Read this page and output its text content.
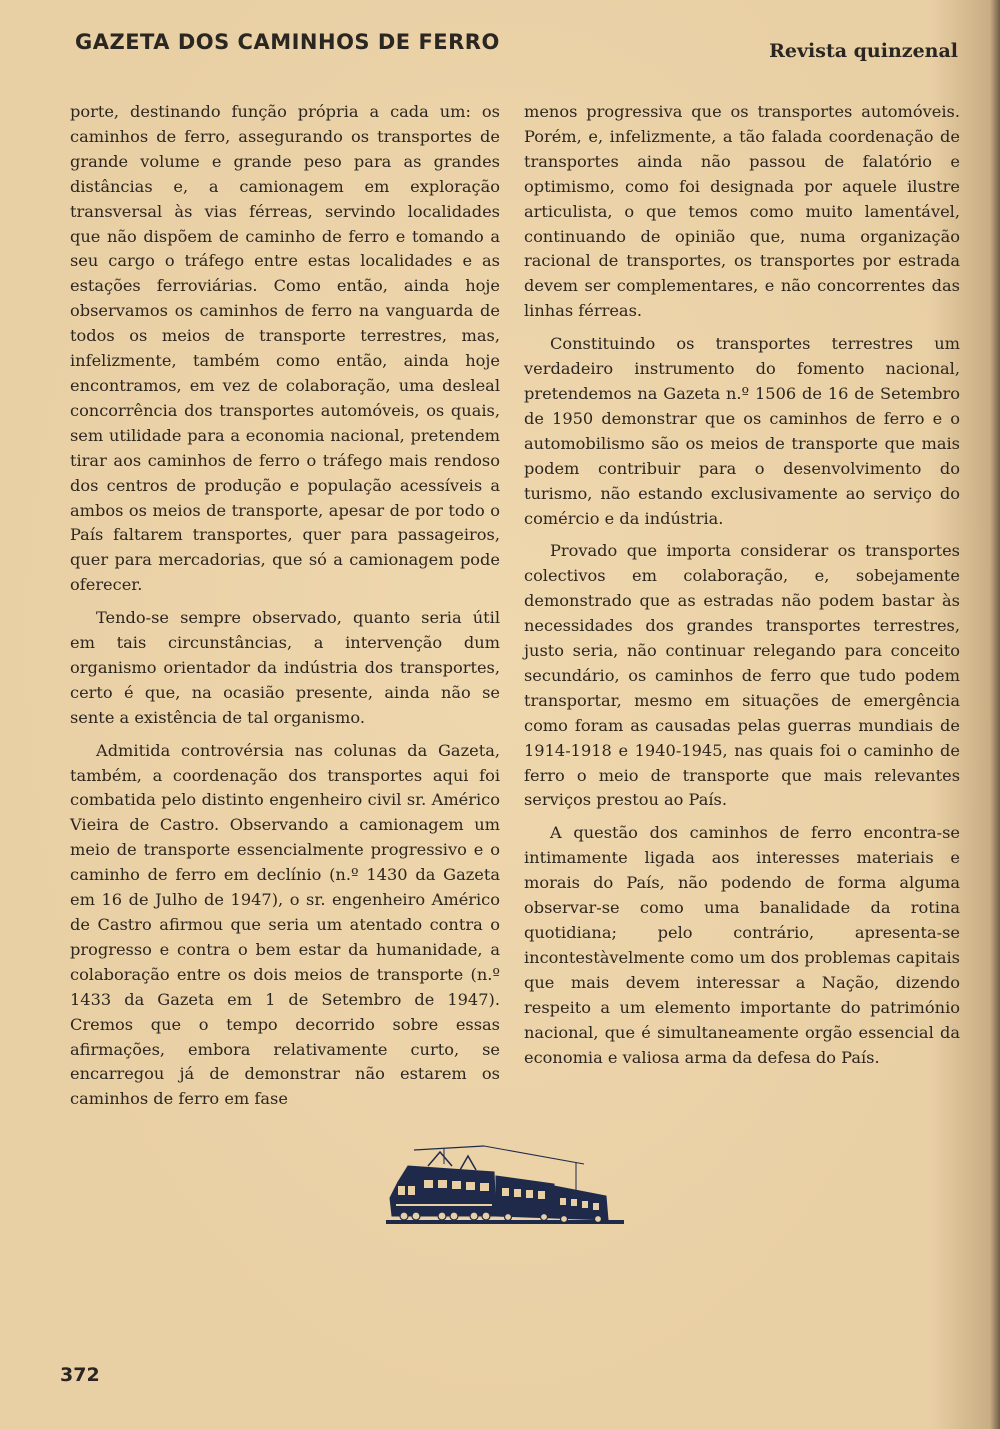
GAZETA DOS CAMINHOS DE FERRO	Revista quinzenal

porte, destinando função própria a cada um: os caminhos de ferro, assegurando os transportes de grande volume e grande peso para as grandes distâncias e, a camionagem em exploração transversal às vias férreas, servindo localidades que não dispõem de caminho de ferro e tomando a seu cargo o tráfego entre estas localidades e as estações ferroviárias. Como então, ainda hoje observamos os caminhos de ferro na vanguarda de todos os meios de transporte terrestres, mas, infelizmente, também como então, ainda hoje encontramos, em vez de colaboração, uma desleal concorrência dos transportes automóveis, os quais, sem utilidade para a economia nacional, pretendem tirar aos caminhos de ferro o tráfego mais rendoso dos centros de produção e população acessíveis a ambos os meios de transporte, apesar de por todo o País faltarem transportes, quer para passageiros, quer para mercadorias, que só a camionagem pode oferecer.

Tendo-se sempre observado, quanto seria útil em tais circunstâncias, a intervenção dum organismo orientador da indústria dos transportes, certo é que, na ocasião presente, ainda não se sente a existência de tal organismo.

Admitida controvérsia nas colunas da Gazeta, também, a coordenação dos transportes aqui foi combatida pelo distinto engenheiro civil sr. Américo Vieira de Castro. Observando a camionagem um meio de transporte essencialmente progressivo e o caminho de ferro em declínio (n.º 1430 da Gazeta em 16 de Julho de 1947), o sr. engenheiro Américo de Castro afirmou que seria um atentado contra o progresso e contra o bem estar da humanidade, a colaboração entre os dois meios de transporte (n.º 1433 da Gazeta em 1 de Setembro de 1947). Cremos que o tempo decorrido sobre essas afirmações, embora relativamente curto, se encarregou já de demonstrar não estarem os caminhos de ferro em fase

menos progressiva que os transportes automóveis. Porém, e, infelizmente, a tão falada coordenação de transportes ainda não passou de falatório e optimismo, como foi designada por aquele ilustre articulista, o que temos como muito lamentável, continuando de opinião que, numa organização racional de transportes, os transportes por estrada devem ser complementares, e não concorrentes das linhas férreas.

Constituindo os transportes terrestres um verdadeiro instrumento do fomento nacional, pretendemos na Gazeta n.º 1506 de 16 de Setembro de 1950 demonstrar que os caminhos de ferro e o automobilismo são os meios de transporte que mais podem contribuir para o desenvolvimento do turismo, não estando exclusivamente ao serviço do comércio e da indústria.

Provado que importa considerar os transportes colectivos em colaboração, e, sobejamente demonstrado que as estradas não podem bastar às necessidades dos grandes transportes terrestres, justo seria, não continuar relegando para conceito secundário, os caminhos de ferro que tudo podem transportar, mesmo em situações de emergência como foram as causadas pelas guerras mundiais de 1914-1918 e 1940-1945, nas quais foi o caminho de ferro o meio de transporte que mais relevantes serviços prestou ao País.

A questão dos caminhos de ferro encontra-se intimamente ligada aos interesses materiais e morais do País, não podendo de forma alguma observar-se como uma banalidade da rotina quotidiana; pelo contrário, apresenta-se incontestàvelmente como um dos problemas capitais que mais devem interessar a Nação, dizendo respeito a um elemento importante do património nacional, que é simultaneamente orgão essencial da economia e valiosa arma da defesa do País.

372
